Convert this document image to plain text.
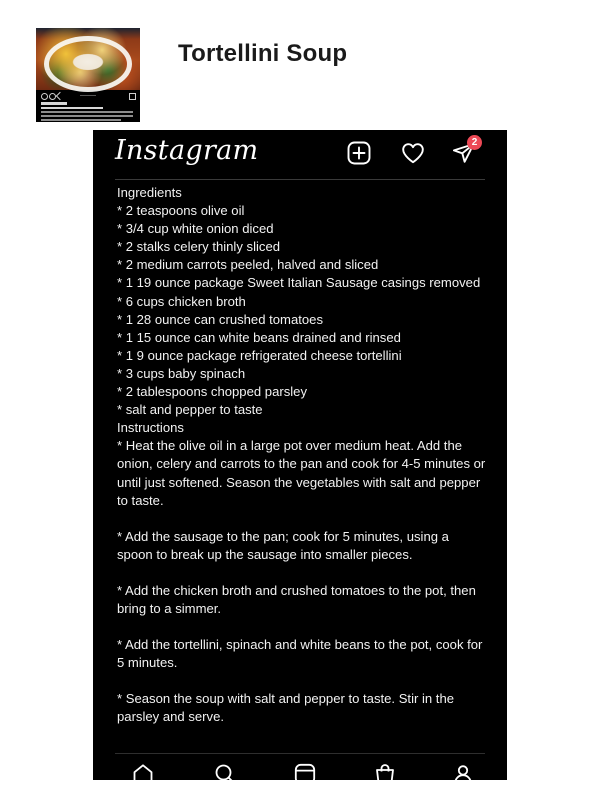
Tortellini Soup
Instagram	2
Ingredients
* 2 teaspoons olive oil
* 3/4 cup white onion diced
* 2 stalks celery thinly sliced
* 2 medium carrots peeled, halved and sliced
* 1 19 ounce package Sweet Italian Sausage casings removed
* 6 cups chicken broth
* 1 28 ounce can crushed tomatoes
* 1 15 ounce can white beans drained and rinsed
* 1 9 ounce package refrigerated cheese tortellini
* 3 cups baby spinach
* 2 tablespoons chopped parsley
* salt and pepper to taste
Instructions
* Heat the olive oil in a large pot over medium heat. Add the onion, celery and carrots to the pan and cook for 4-5 minutes or until just softened. Season the vegetables with salt and pepper to taste.
* Add the sausage to the pan; cook for 5 minutes, using a spoon to break up the sausage into smaller pieces.
* Add the chicken broth and crushed tomatoes to the pot, then bring to a simmer.
* Add the tortellini, spinach and white beans to the pot, cook for 5 minutes.
* Season the soup with salt and pepper to taste. Stir in the parsley and serve.
